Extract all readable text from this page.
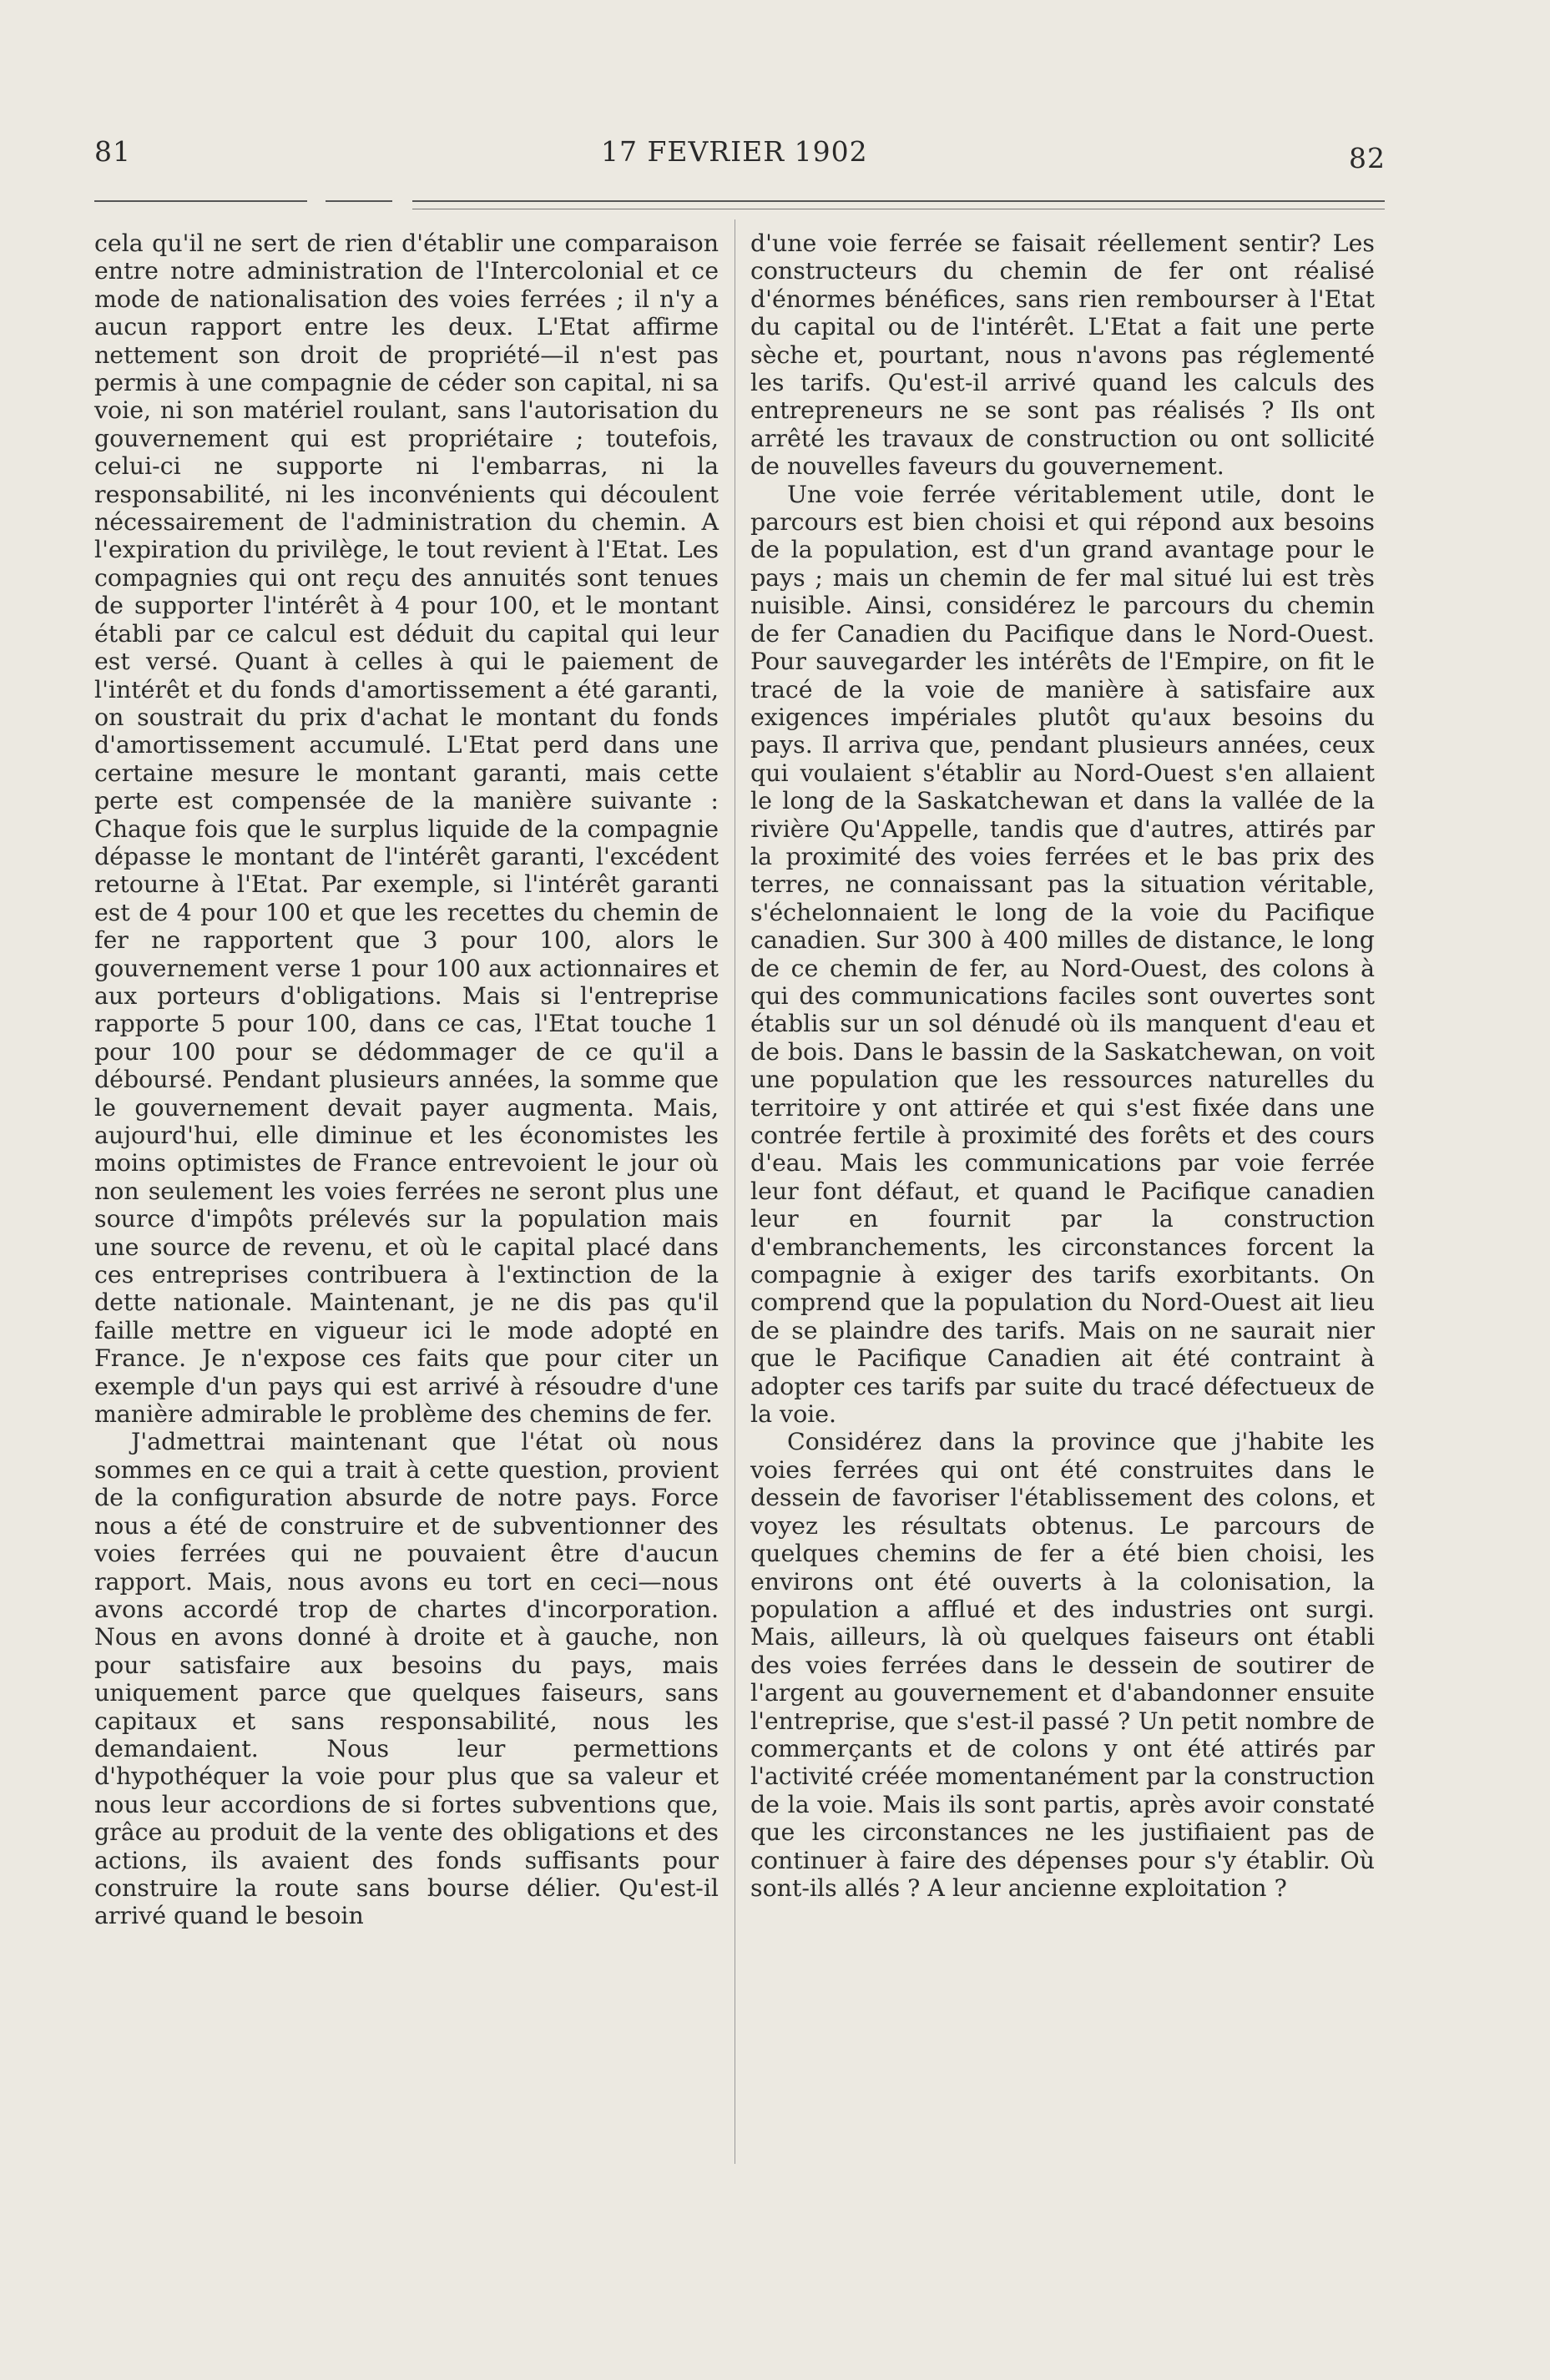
81	17 FEVRIER 1902	82

cela qu'il ne sert de rien d'établir une comparaison entre notre administration de l'Intercolonial et ce mode de nationalisation des voies ferrées ; il n'y a aucun rapport entre les deux. L'Etat affirme nettement son droit de propriété—il n'est pas permis à une compagnie de céder son capital, ni sa voie, ni son matériel roulant, sans l'autorisation du gouvernement qui est propriétaire ; toutefois, celui-ci ne supporte ni l'embarras, ni la responsabilité, ni les inconvénients qui découlent nécessairement de l'administration du chemin. A l'expiration du privilège, le tout revient à l'Etat. Les compagnies qui ont reçu des annuités sont tenues de supporter l'intérêt à 4 pour 100, et le montant établi par ce calcul est déduit du capital qui leur est versé. Quant à celles à qui le paiement de l'intérêt et du fonds d'amortissement a été garanti, on soustrait du prix d'achat le montant du fonds d'amortissement accumulé. L'Etat perd dans une certaine mesure le montant garanti, mais cette perte est compensée de la manière suivante : Chaque fois que le surplus liquide de la compagnie dépasse le montant de l'intérêt garanti, l'excédent retourne à l'Etat. Par exemple, si l'intérêt garanti est de 4 pour 100 et que les recettes du chemin de fer ne rapportent que 3 pour 100, alors le gouvernement verse 1 pour 100 aux actionnaires et aux porteurs d'obligations. Mais si l'entreprise rapporte 5 pour 100, dans ce cas, l'Etat touche 1 pour 100 pour se dédommager de ce qu'il a déboursé. Pendant plusieurs années, la somme que le gouvernement devait payer augmenta. Mais, aujourd'hui, elle diminue et les économistes les moins optimistes de France entrevoient le jour où non seulement les voies ferrées ne seront plus une source d'impôts prélevés sur la population mais une source de revenu, et où le capital placé dans ces entreprises contribuera à l'extinction de la dette nationale. Maintenant, je ne dis pas qu'il faille mettre en vigueur ici le mode adopté en France. Je n'expose ces faits que pour citer un exemple d'un pays qui est arrivé à résoudre d'une manière admirable le problème des chemins de fer.

J'admettrai maintenant que l'état où nous sommes en ce qui a trait à cette question, provient de la configuration absurde de notre pays. Force nous a été de construire et de subventionner des voies ferrées qui ne pouvaient être d'aucun rapport. Mais, nous avons eu tort en ceci—nous avons accordé trop de chartes d'incorporation. Nous en avons donné à droite et à gauche, non pour satisfaire aux besoins du pays, mais uniquement parce que quelques faiseurs, sans capitaux et sans responsabilité, nous les demandaient. Nous leur permettions d'hypothéquer la voie pour plus que sa valeur et nous leur accordions de si fortes subventions que, grâce au produit de la vente des obligations et des actions, ils avaient des fonds suffisants pour construire la route sans bourse délier. Qu'est-il arrivé quand le besoin

d'une voie ferrée se faisait réellement sentir? Les constructeurs du chemin de fer ont réalisé d'énormes bénéfices, sans rien rembourser à l'Etat du capital ou de l'intérêt. L'Etat a fait une perte sèche et, pourtant, nous n'avons pas réglementé les tarifs. Qu'est-il arrivé quand les calculs des entrepreneurs ne se sont pas réalisés ? Ils ont arrêté les travaux de construction ou ont sollicité de nouvelles faveurs du gouvernement.

Une voie ferrée véritablement utile, dont le parcours est bien choisi et qui répond aux besoins de la population, est d'un grand avantage pour le pays ; mais un chemin de fer mal situé lui est très nuisible. Ainsi, considérez le parcours du chemin de fer Canadien du Pacifique dans le Nord-Ouest. Pour sauvegarder les intérêts de l'Empire, on fit le tracé de la voie de manière à satisfaire aux exigences impériales plutôt qu'aux besoins du pays. Il arriva que, pendant plusieurs années, ceux qui voulaient s'établir au Nord-Ouest s'en allaient le long de la Saskatchewan et dans la vallée de la rivière Qu'Appelle, tandis que d'autres, attirés par la proximité des voies ferrées et le bas prix des terres, ne connaissant pas la situation véritable, s'échelonnaient le long de la voie du Pacifique canadien. Sur 300 à 400 milles de distance, le long de ce chemin de fer, au Nord-Ouest, des colons à qui des communications faciles sont ouvertes sont établis sur un sol dénudé où ils manquent d'eau et de bois. Dans le bassin de la Saskatchewan, on voit une population que les ressources naturelles du territoire y ont attirée et qui s'est fixée dans une contrée fertile à proximité des forêts et des cours d'eau. Mais les communications par voie ferrée leur font défaut, et quand le Pacifique canadien leur en fournit par la construction d'embranchements, les circonstances forcent la compagnie à exiger des tarifs exorbitants. On comprend que la population du Nord-Ouest ait lieu de se plaindre des tarifs. Mais on ne saurait nier que le Pacifique Canadien ait été contraint à adopter ces tarifs par suite du tracé défectueux de la voie.

Considérez dans la province que j'habite les voies ferrées qui ont été construites dans le dessein de favoriser l'établissement des colons, et voyez les résultats obtenus. Le parcours de quelques chemins de fer a été bien choisi, les environs ont été ouverts à la colonisation, la population a afflué et des industries ont surgi. Mais, ailleurs, là où quelques faiseurs ont établi des voies ferrées dans le dessein de soutirer de l'argent au gouvernement et d'abandonner ensuite l'entreprise, que s'est-il passé ? Un petit nombre de commerçants et de colons y ont été attirés par l'activité créée momentanément par la construction de la voie. Mais ils sont partis, après avoir constaté que les circonstances ne les justifiaient pas de continuer à faire des dépenses pour s'y établir. Où sont-ils allés ? A leur ancienne exploitation ?
